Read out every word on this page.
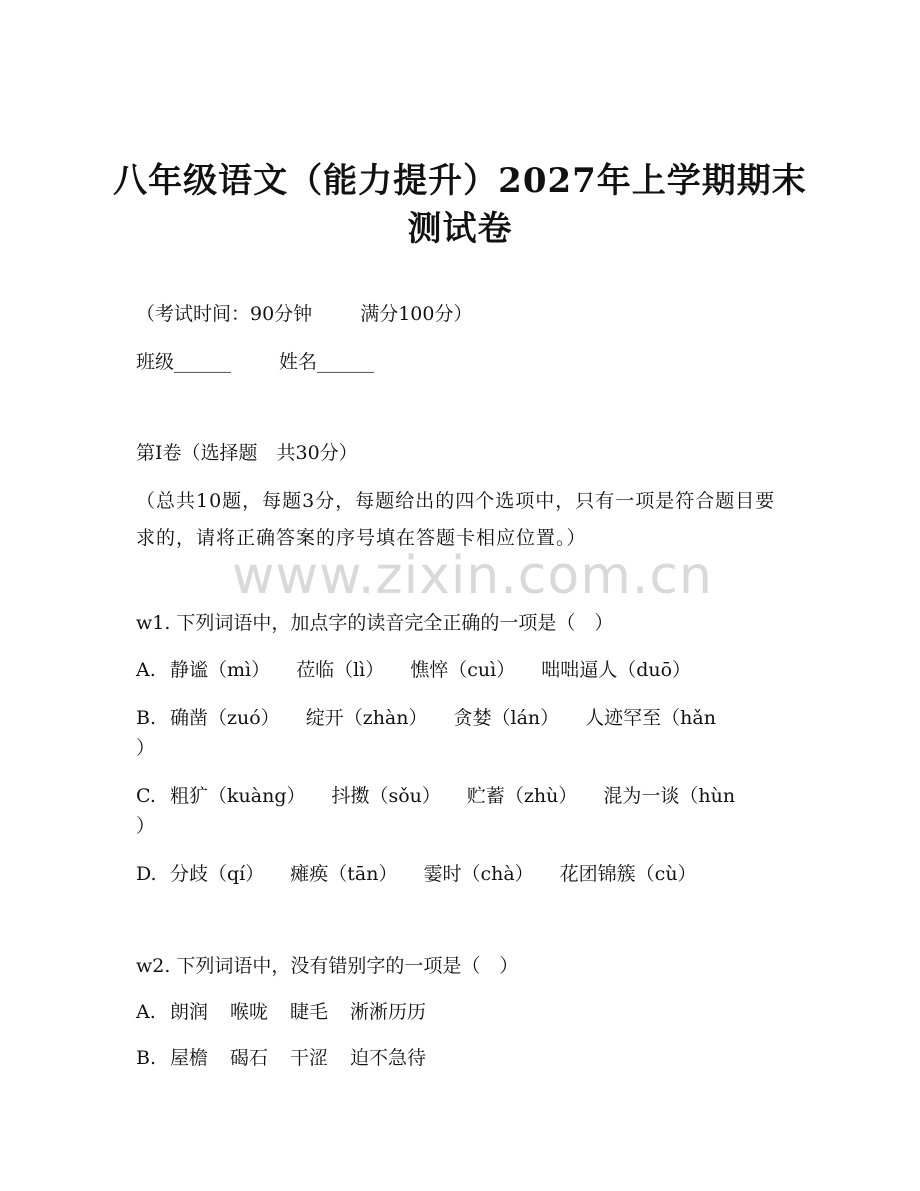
八年级语文（能力提升）2027年上学期期末
测试卷

（考试时间：90分钟	满分100分）

班级______	姓名______

第Ⅰ卷（选择题　共30分）

（总共10题，每题3分，每题给出的四个选项中，只有一项是符合题目要求的，请将正确答案的序号填在答题卡相应位置。）

www.zixin.com.cn

w1. 下列词语中，加点字的读音完全正确的一项是（　）

A. 静谧（mì） 莅临（lì） 憔悴（cuì） 咄咄逼人（duō）
B. 确凿（zuó） 绽开（zhàn） 贪婪（lán） 人迹罕至（hǎn
）
C. 粗犷（kuàng） 抖擞（sǒu） 贮蓄（zhù） 混为一谈（hùn
）
D. 分歧（qí） 瘫痪（tān） 霎时（chà） 花团锦簇（cù）

w2. 下列词语中，没有错别字的一项是（　）

A. 朗润 喉咙 睫毛 淅淅历历
B. 屋檐 碣石 干涩 迫不急待
